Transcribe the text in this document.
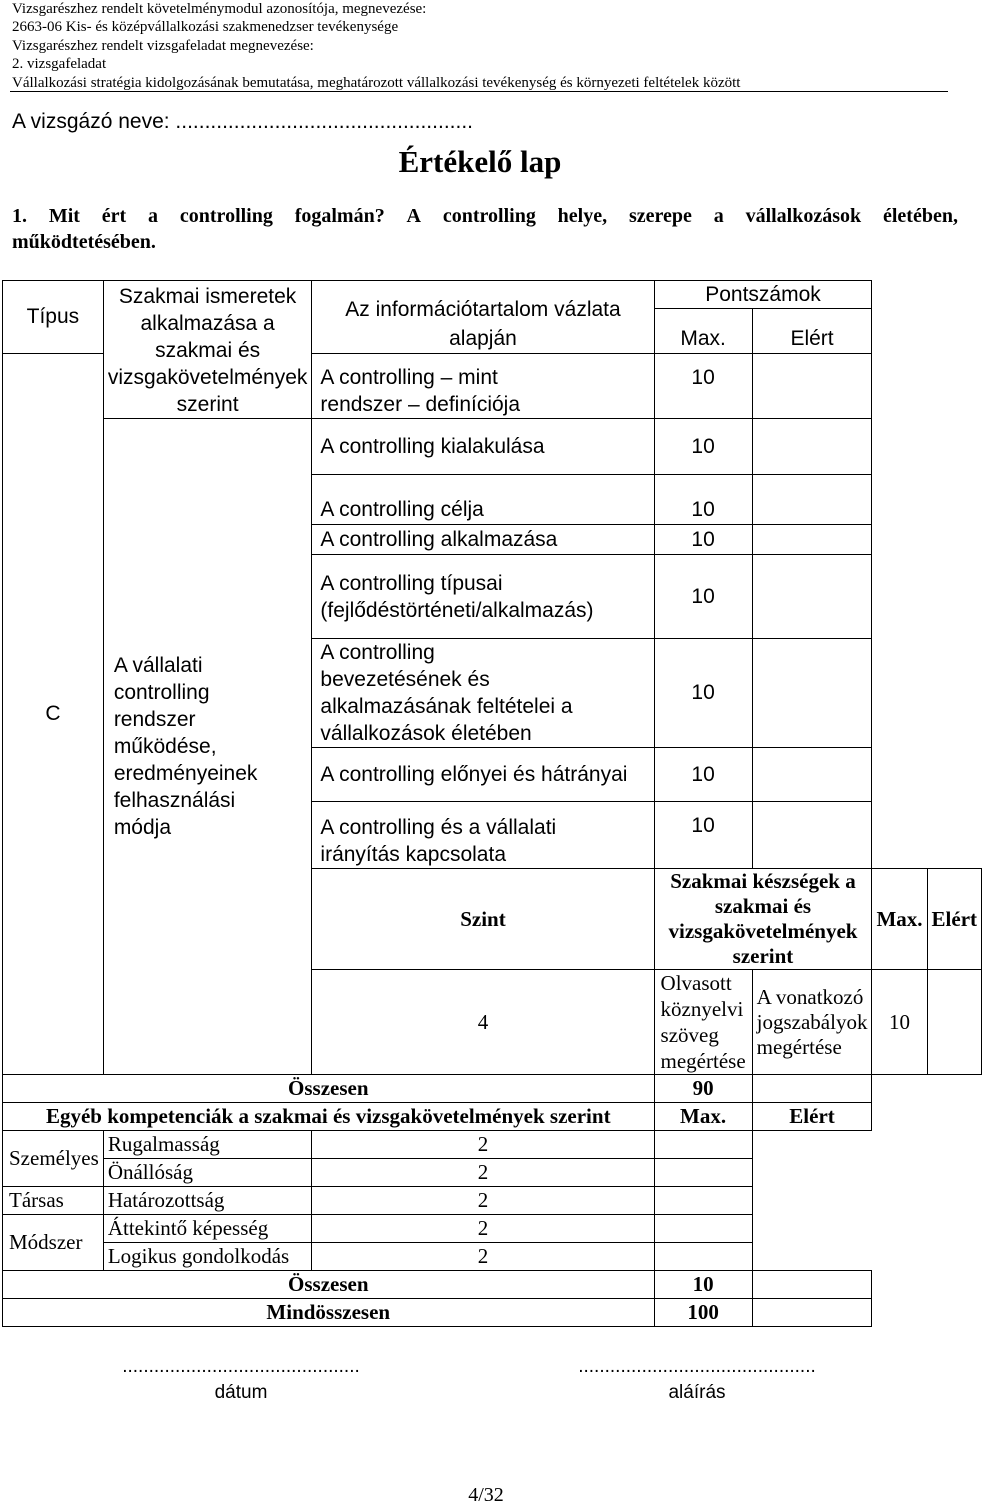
Vizsgarészhez rendelt követelménymodul azonosítója, megnevezése:
2663-06 Kis- és középvállalkozási szakmenedzser tevékenysége
Vizsgarészhez rendelt vizsgafeladat megnevezése:
2. vizsgafeladat
Vállalkozási stratégia kidolgozásának bemutatása, meghatározott vállalkozási tevékenység és környezeti feltételek között
A vizsgázó neve: ...................................................
Értékelő lap
1. Mit ért a controlling fogalmán? A controlling helye, szerepe a vállalkozások életében,
működtetésében.
Típus	Szakmai ismeretek alkalmazása a szakmai és vizsgakövetelmények szerint	Az információtartalom vázlata alapján	Pontszámok			
			Max.	Elért		
C		A controlling – mint rendszer – definíciója	10			
	A vállalati controlling rendszer működése, eredményeinek felhasználási módja	A controlling kialakulása	10			
		A controlling célja	10			
		A controlling alkalmazása	10			
		A controlling típusai (fejlődéstörténeti/alkalmazás)	10			
		A controlling bevezetésének és alkalmazásának feltételei a vállalkozások életében	10			
		A controlling előnyei és hátrányai	10			
		A controlling és a vállalati irányítás kapcsolata	10			
		Szint	Szakmai készségek a szakmai és vizsgakövetelmények szerint		Max.	Elért
		4	Olvasott köznyelvi szöveg megértése	A vonatkozó jogszabályok megértése	10	
Összesen			90			
Egyéb kompetenciák a szakmai és vizsgakövetelmények szerint			Max.	Elért		
Személyes	Rugalmasság	2				
	Önállóság	2				
Társas	Határozottság	2				
Módszer	Áttekintő képesség	2				
	Logikus gondolkodás	2				
Összesen			10			
Mindösszesen			100			
.............................................
dátum
.............................................
aláírás
4/32
